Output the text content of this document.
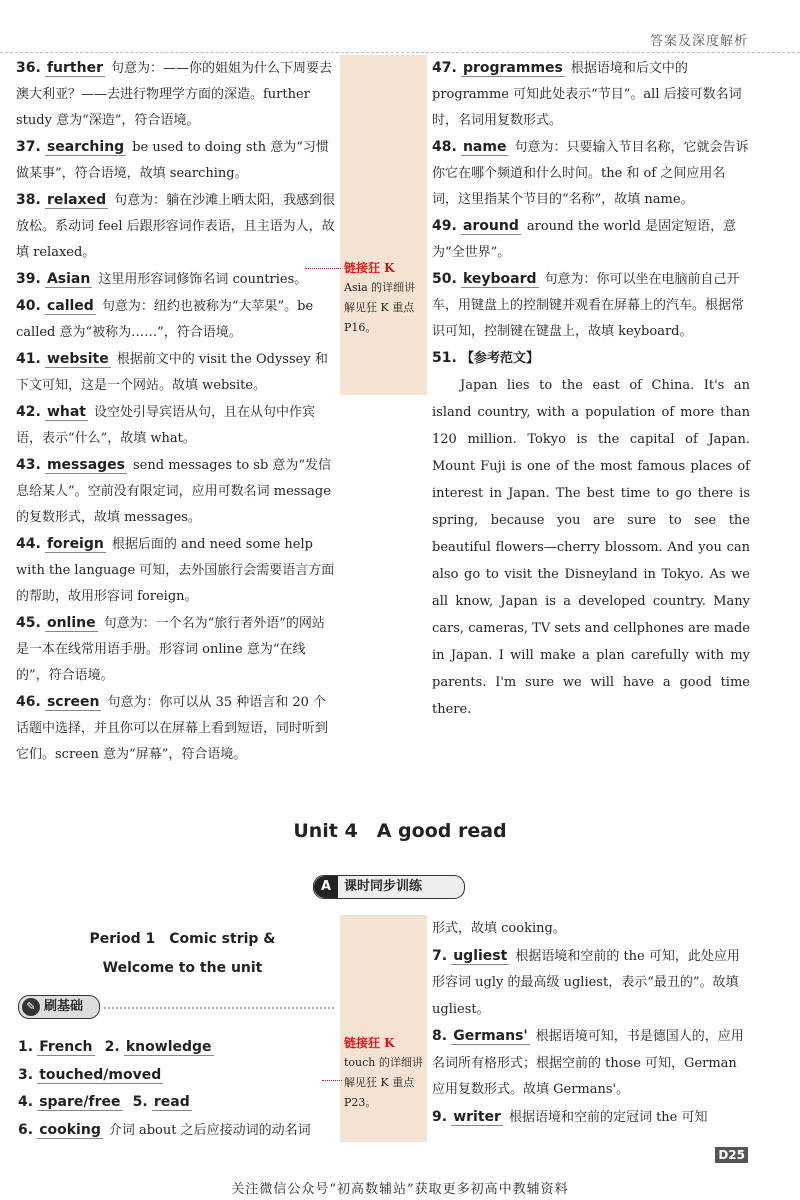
答案及深度解析
36. further 句意为：——你的姐姐为什么下周要去澳大利亚？——去进行物理学方面的深造。further study 意为“深造”，符合语境。
37. searching be used to doing sth 意为“习惯做某事”，符合语境，故填 searching。
38. relaxed 句意为：躺在沙滩上晒太阳，我感到很放松。系动词 feel 后跟形容词作表语，且主语为人，故填 relaxed。
39. Asian 这里用形容词修饰名词 countries。
40. called 句意为：纽约也被称为“大苹果”。be called 意为“被称为……”，符合语境。
41. website 根据前文中的 visit the Odyssey 和下文可知，这是一个网站。故填 website。
42. what 设空处引导宾语从句，且在从句中作宾语，表示“什么”，故填 what。
43. messages send messages to sb 意为“发信息给某人”。空前没有限定词，应用可数名词 message 的复数形式，故填 messages。
44. foreign 根据后面的 and need some help with the language 可知，去外国旅行会需要语言方面的帮助，故用形容词 foreign。
45. online 句意为：一个名为“旅行者外语”的网站是一本在线常用语手册。形容词 online 意为“在线的”，符合语境。
46. screen 句意为：你可以从 35 种语言和 20 个话题中选择，并且你可以在屏幕上看到短语，同时听到它们。screen 意为“屏幕”，符合语境。
链接狂 K
Asia 的详细讲解见狂 K 重点 P16。
47. programmes 根据语境和后文中的 programme 可知此处表示“节目”。all 后接可数名词时，名词用复数形式。
48. name 句意为：只要输入节目名称，它就会告诉你它在哪个频道和什么时间。the 和 of 之间应用名词，这里指某个节目的“名称”，故填 name。
49. around around the world 是固定短语，意为“全世界”。
50. keyboard 句意为：你可以坐在电脑前自己开车，用键盘上的控制键并观看在屏幕上的汽车。根据常识可知，控制键在键盘上，故填 keyboard。
51. 【参考范文】

Japan lies to the east of China. It's an island country, with a population of more than 120 million. Tokyo is the capital of Japan. Mount Fuji is one of the most famous places of interest in Japan. The best time to go there is spring, because you are sure to see the beautiful flowers—cherry blossom. And you can also go to visit the Disneyland in Tokyo. As we all know, Japan is a developed country. Many cars, cameras, TV sets and cellphones are made in Japan. I will make a plan carefully with my parents. I'm sure we will have a good time there.

Unit 4　A good read
A 课时同步训练
Period 1　Comic strip &
Welcome to the unit
✎ 刷基础
1. French 2. knowledge
3. touched/moved
4. spare/free 5. read
6. cooking 介词 about 之后应接动词的动名词
链接狂 K
touch 的详细讲解见狂 K 重点 P23。
形式，故填 cooking。
7. ugliest 根据语境和空前的 the 可知，此处应用形容词 ugly 的最高级 ugliest，表示“最丑的”。故填 ugliest。
8. Germans' 根据语境可知，书是德国人的，应用名词所有格形式；根据空前的 those 可知，German 应用复数形式。故填 Germans'。
9. writer 根据语境和空前的定冠词 the 可知
D25
关注微信公众号“初高数辅站”获取更多初高中教辅资料
